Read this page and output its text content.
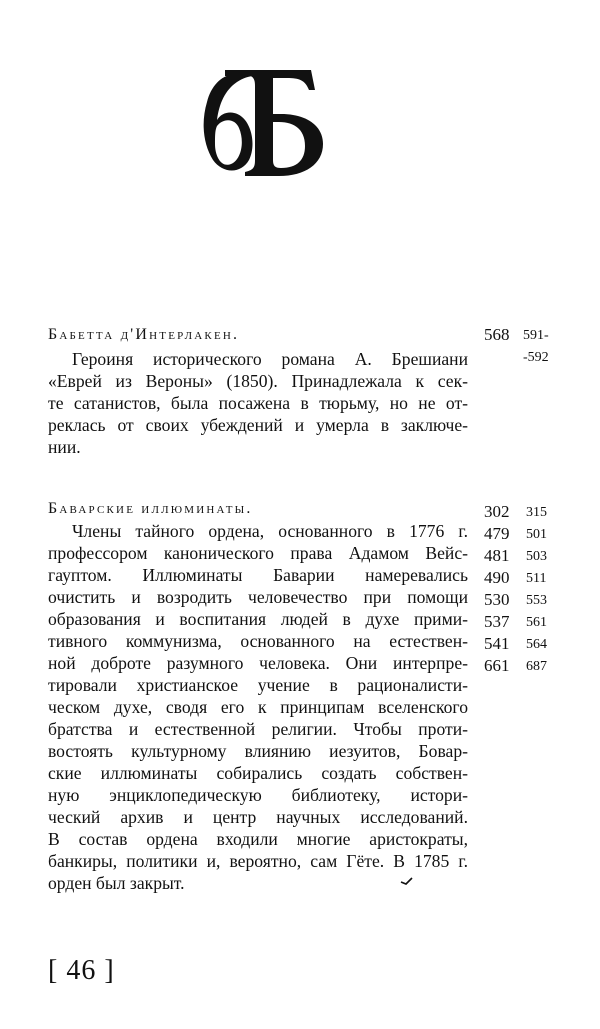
Бабетта д'Интерлакен.
Героиня исторического романа А. Брешиани
«Еврей из Вероны» (1850). Принадлежала к сек-
те сатанистов, была посажена в тюрьму, но не от-
реклась от своих убеждений и умерла в заключе-
нии.
568 591-
-592
Баварские иллюминаты.
Члены тайного ордена, основанного в 1776 г.
профессором канонического права Адамом Вейс-
гауптом. Иллюминаты Баварии намеревались
очистить и возродить человечество при помощи
образования и воспитания людей в духе прими-
тивного коммунизма, основанного на естествен-
ной доброте разумного человека. Они интерпре-
тировали христианское учение в рационалисти-
ческом духе, сводя его к принципам вселенского
братства и естественной религии. Чтобы проти-
востоять культурному влиянию иезуитов, Бовар-
ские иллюминаты собирались создать собствен-
ную энциклопедическую библиотеку, истори-
ческий архив и центр научных исследований.
В состав ордена входили многие аристократы,
банкиры, политики и, вероятно, сам Гёте. В 1785 г.
орден был закрыт.
302
479
481
490
530
537
541
661
315
501
503
511
553
561
564
687
[ 46 ]
